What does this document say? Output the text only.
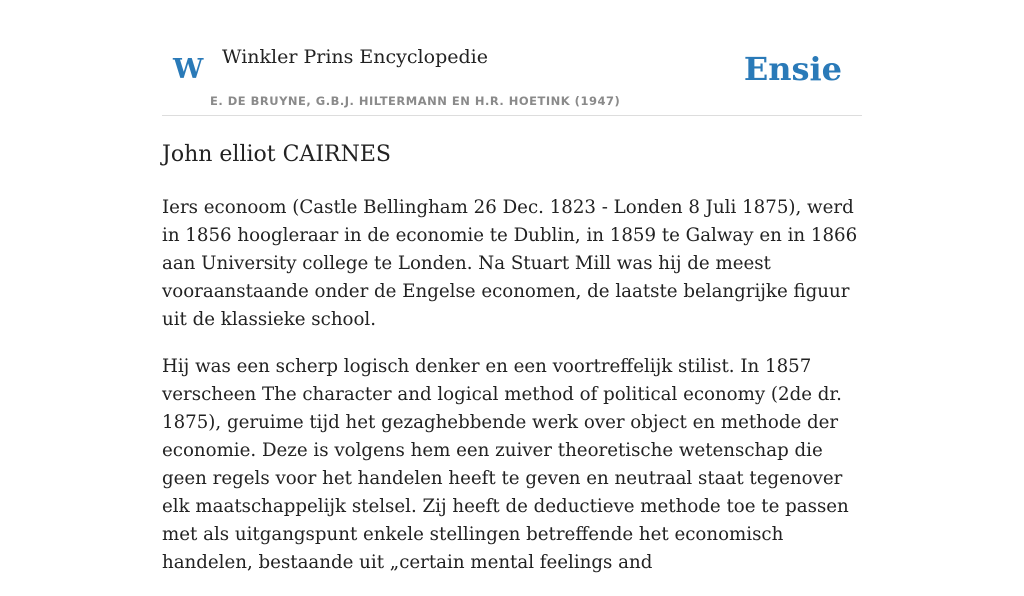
W Winkler Prins Encyclopedie
E. DE BRUYNE, G.B.J. HILTERMANN EN H.R. HOETINK (1947)
Ensie
John elliot CAIRNES

Iers econoom (Castle Bellingham 26 Dec. 1823 - Londen 8 Juli 1875), werd in 1856 hoogleraar in de economie te Dublin, in 1859 te Galway en in 1866 aan University college te Londen. Na Stuart Mill was hij de meest vooraanstaande onder de Engelse economen, de laatste belangrijke figuur uit de klassieke school.

Hij was een scherp logisch denker en een voortreffelijk stilist. In 1857 verscheen The character and logical method of political economy (2de dr. 1875), geruime tijd het gezaghebbende werk over object en methode der economie. Deze is volgens hem een zuiver theoretische wetenschap die geen regels voor het handelen heeft te geven en neutraal staat tegenover elk maatschappelijk stelsel. Zij heeft de deductieve methode toe te passen met als uitgangspunt enkele stellingen betreffende het economisch handelen, bestaande uit „certain mental feelings and
